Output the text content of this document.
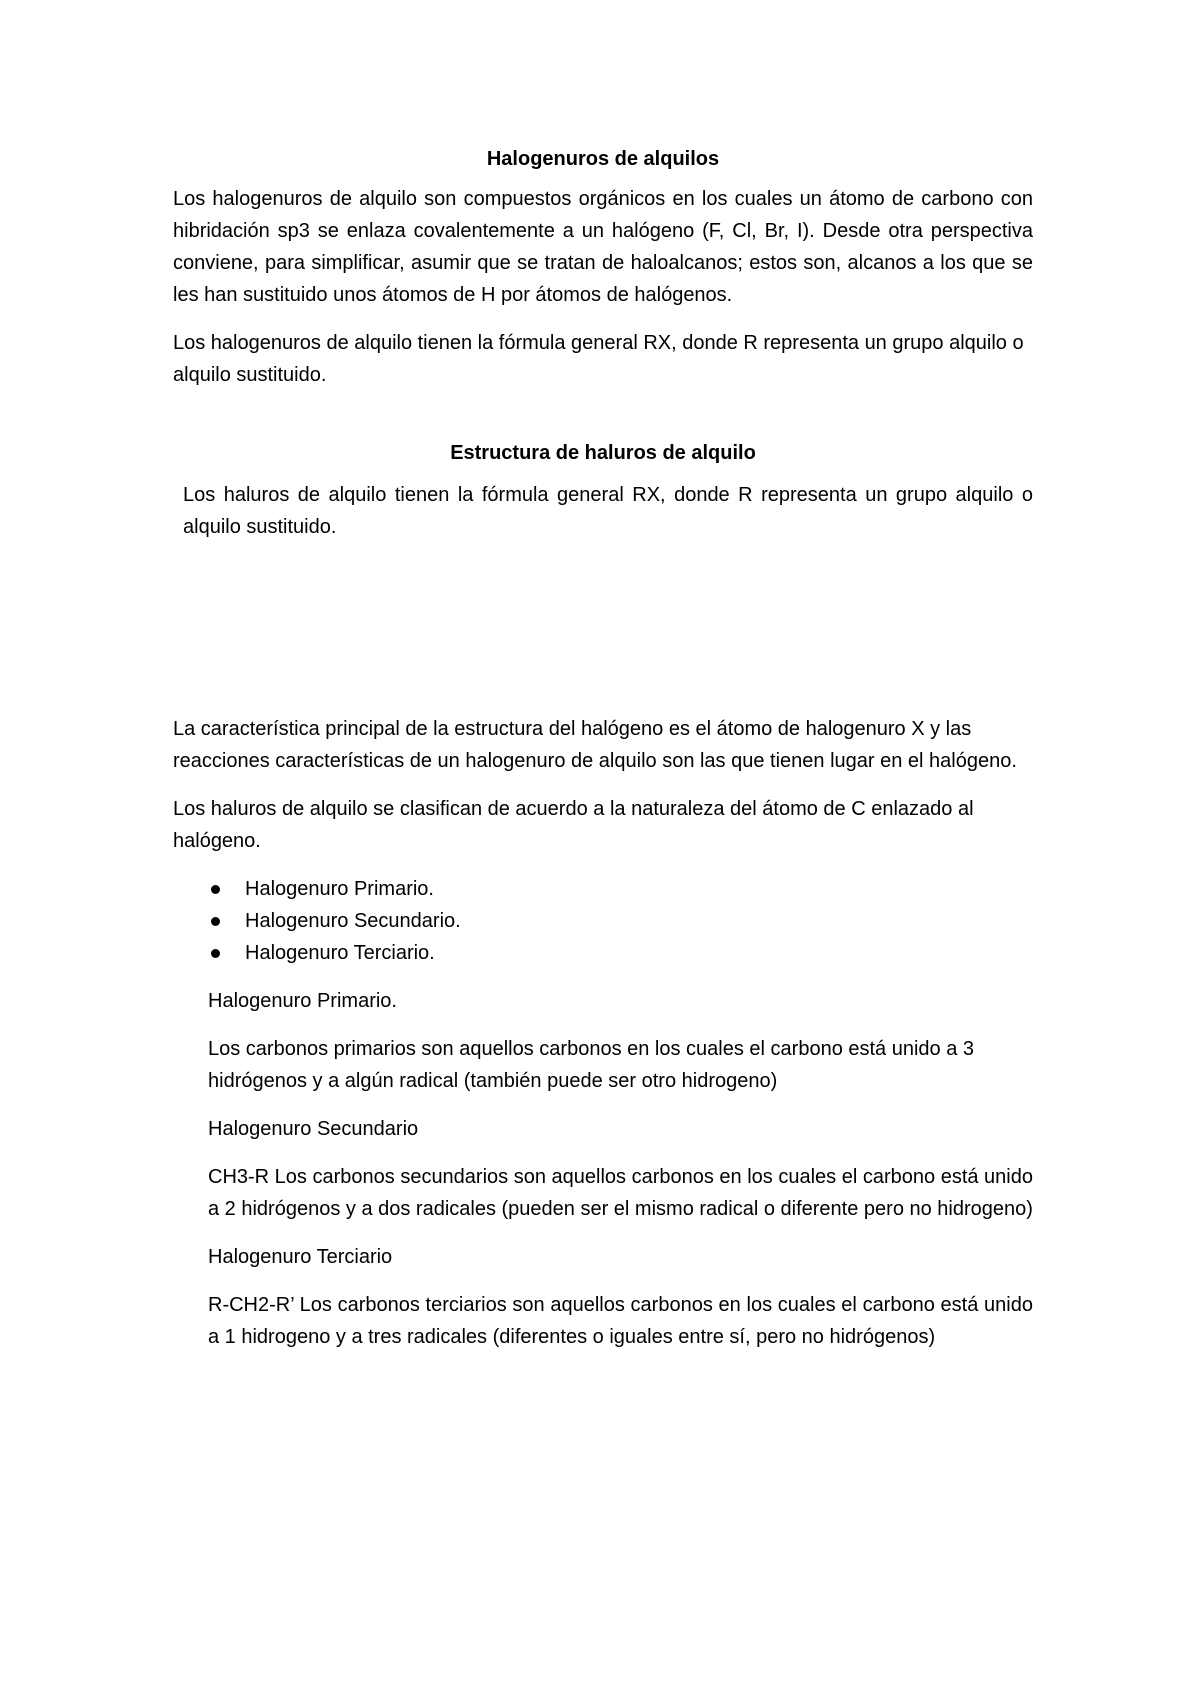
Halogenuros de alquilos

Los halogenuros de alquilo son compuestos orgánicos en los cuales un átomo de carbono con hibridación sp3 se enlaza covalentemente a un halógeno (F, Cl, Br, I). Desde otra perspectiva conviene, para simplificar, asumir que se tratan de haloalcanos; estos son, alcanos a los que se les han sustituido unos átomos de H por átomos de halógenos.

Los halogenuros de alquilo tienen la fórmula general RX, donde R representa un grupo alquilo o alquilo sustituido.

Estructura de haluros de alquilo

Los haluros de alquilo tienen la fórmula general RX, donde R representa un grupo alquilo o alquilo sustituido.

La característica principal de la estructura del halógeno es el átomo de halogenuro X y las reacciones características de un halogenuro de alquilo son las que tienen lugar en el halógeno.

Los haluros de alquilo se clasifican de acuerdo a la naturaleza del átomo de C enlazado al halógeno.

Halogenuro Primario.
Halogenuro Secundario.
Halogenuro Terciario.

Halogenuro Primario.

Los carbonos primarios son aquellos carbonos en los cuales el carbono está unido a 3 hidrógenos y a algún radical (también puede ser otro hidrogeno)

Halogenuro Secundario

CH3-R Los carbonos secundarios son aquellos carbonos en los cuales el carbono está unido a 2 hidrógenos y a dos radicales (pueden ser el mismo radical o diferente pero no hidrogeno)

Halogenuro Terciario

R-CH2-R’ Los carbonos terciarios son aquellos carbonos en los cuales el carbono está unido a 1 hidrogeno y a tres radicales (diferentes o iguales entre sí, pero no hidrógenos)
